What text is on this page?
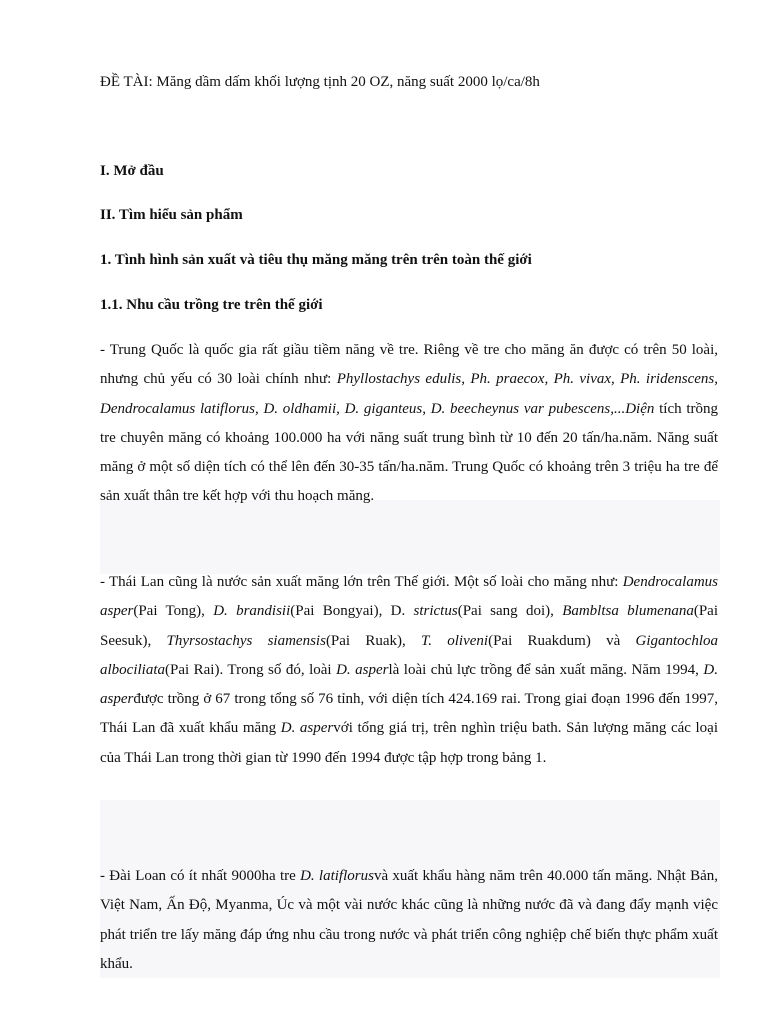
ĐỀ TÀI: Măng dầm dấm khối lượng tịnh 20 OZ, năng suất 2000 lọ/ca/8h
I. Mở đầu
II. Tìm hiểu sản phẩm
1. Tình hình sản xuất và tiêu thụ măng măng trên trên toàn thế giới
1.1. Nhu cầu trồng tre trên thế giới

- Trung Quốc là quốc gia rất giầu tiềm năng về tre. Riêng về tre cho măng ăn được có trên 50 loài, nhưng chủ yếu có 30 loài chính như: Phyllostachys edulis, Ph. praecox, Ph. vivax, Ph. iridenscens, Dendrocalamus latiflorus, D. oldhamii, D. giganteus, D. beecheynus var pubescens,...Diện tích trồng tre chuyên măng có khoảng 100.000 ha với năng suất trung bình từ 10 đến 20 tấn/ha.năm. Năng suất măng ở một số diện tích có thể lên đến 30-35 tấn/ha.năm. Trung Quốc có khoảng trên 3 triệu ha tre để sản xuất thân tre kết hợp với thu hoạch măng.

- Thái Lan cũng là nước sản xuất măng lớn trên Thế giới. Một số loài cho măng như: Dendrocalamus asper(Pai Tong), D. brandisii(Pai Bongyai), D. strictus(Pai sang doi), Bambltsa blumenana(Pai Seesuk), Thyrsostachys siamensis(Pai Ruak), T. oliveni(Pai Ruakdum) và Gigantochloa albociliata(Pai Rai). Trong số đó, loài D. asperlà loài chủ lực trồng để sản xuất măng. Năm 1994, D. asperđược trồng ở 67 trong tổng số 76 tỉnh, với diện tích 424.169 rai. Trong giai đoạn 1996 đến 1997, Thái Lan đã xuất khẩu măng D. aspervới tổng giá trị, trên nghìn triệu bath. Sản lượng măng các loại của Thái Lan trong thời gian từ 1990 đến 1994 được tập hợp trong bảng 1.

- Đài Loan có ít nhất 9000ha tre D. latiflorusvà xuất khẩu hàng năm trên 40.000 tấn măng. Nhật Bản, Việt Nam, Ấn Độ, Myanma, Úc và một vài nước khác cũng là những nước đã và đang đẩy mạnh việc phát triển tre lấy măng đáp ứng nhu cầu trong nước và phát triển công nghiệp chế biến thực phẩm xuất khẩu.
